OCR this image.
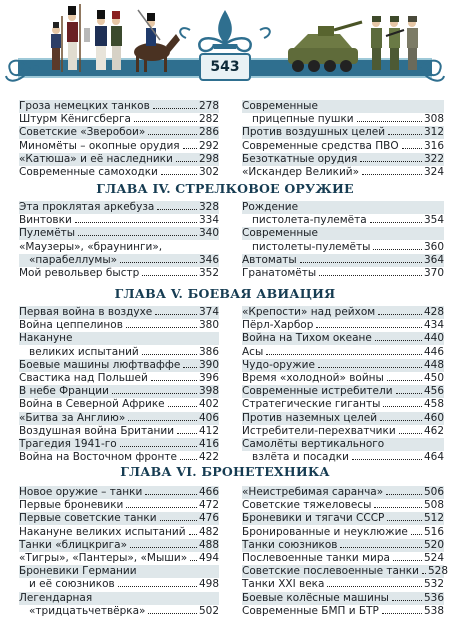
543
Гроза немецких танков	278
Штурм Кёнигсберга	282
Советские «Зверобои»	286
Миномёты – окопные орудия 292
«Катюша» и её наследники 298
Современные самоходки	302
Современные
прицепные пушки	308
Против воздушных целей	312
Современные средства ПВО 316
Безоткатные орудия	322
«Искандер Великий»	324
ГЛАВА IV. СТРЕЛКОВОЕ ОРУЖИЕ
Эта проклятая аркебуза	328
Винтовки	334
Пулемёты	340
«Маузеры», «браунинги»,
«парабеллумы»	346
Мой револьвер быстр	352
Рождение
пистолета-пулемёта	354
Современные
пистолеты-пулемёты	360
Автоматы	364
Гранатомёты	370
ГЛАВА V. БОЕВАЯ АВИАЦИЯ
Первая война в воздухе	374
Война цеппелинов	380
Накануне
великих испытаний	386
Боевые машины люфтваффе 390
Свастика над Польшей	396
В небе Франции	398
Война в Северной Африке	402
«Битва за Англию»	406
Воздушная война Британии 412
Трагедия 1941-го	416
Война на Восточном фронте 422
«Крепости» над рейхом	428
Пёрл-Харбор	434
Война на Тихом океане	440
Асы	446
Чудо-оружие	448
Время «холодной» войны	450
Современные истребители	456
Стратегические гиганты	458
Против наземных целей	460
Истребители-перехватчики	462
Самолёты вертикального
взлёта и посадки	464
ГЛАВА VI. БРОНЕТЕХНИКА
Новое оружие – танки	466
Первые броневики	472
Первые советские танки	476
Накануне великих испытаний 482
Танки «блицкрига»	488
«Тигры», «Пантеры», «Мыши» 494
Броневики Германии
и её союзников	498
Легендарная
«тридцатьчетвёрка»	502
«Неистребимая саранча»	506
Советские тяжеловесы	508
Броневики и тягачи СССР	512
Бронированные и неуклюжие 516
Танки союзников	520
Послевоенные танки мира	524
Советские послевоенные танки 528
Танки XXI века	532
Боевые колёсные машины	536
Современные БМП и БТР	538
